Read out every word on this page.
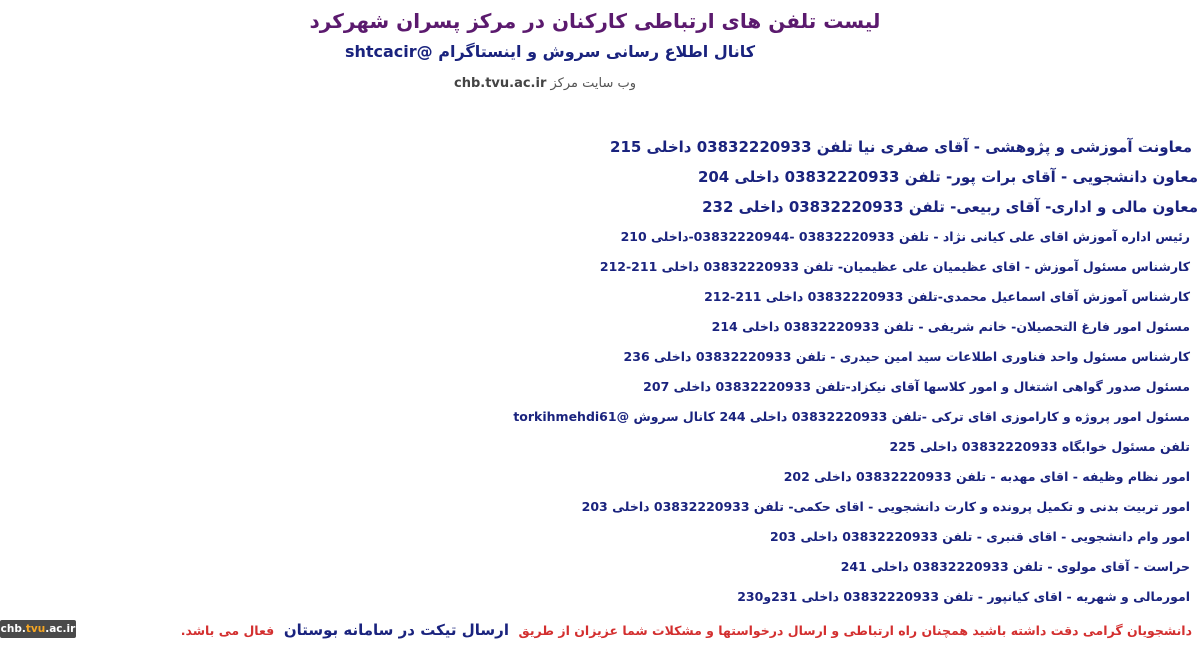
لیست تلفن های ارتباطی کارکنان در مرکز پسران شهرکرد
کانال اطلاع رسانی سروش و اینستاگرام @shtcacir
وب سایت مرکز chb.tvu.ac.ir
معاونت آموزشی و پژوهشی - آقای صفری نیا تلفن 03832220933 داخلی 215
معاون دانشجویی - آقای برات پور- تلفن 03832220933 داخلی 204
معاون مالی و اداری- آقای ربیعی- تلفن 03832220933 داخلی 232
رئیس اداره آموزش اقای علی کیانی نژاد - تلفن 03832220933 -03832220944-داخلی 210
کارشناس مسئول آموزش - اقای عظیمیان علی عظیمیان- تلفن 03832220933 داخلی 211-212
کارشناس آموزش آقای اسماعیل محمدی-تلفن 03832220933 داخلی 211-212
مسئول امور فارغ التحصیلان- خانم شریفی - تلفن 03832220933 داخلی 214
کارشناس مسئول واحد فناوری اطلاعات سید امین حیدری - تلفن 03832220933 داخلی 236
مسئول صدور گواهی اشتغال و امور کلاسها آقای نیکزاد-تلفن 03832220933 داخلی 207
مسئول امور پروژه و کاراموزی اقای ترکی -تلفن 03832220933 داخلی 244 کانال سروش @torkihmehdi61
تلفن مسئول خوابگاه 03832220933 داخلی 225
امور نظام وظیفه - اقای مهدبه - تلفن 03832220933 داخلی 202
امور تربیت بدنی و تکمیل پرونده و کارت دانشجویی - اقای حکمی- تلفن 03832220933 داخلی 203
امور وام دانشجویی - اقای قنبری - تلفن 03832220933 داخلی 203
حراست - آقای مولوی - تلفن 03832220933 داخلی 241
امورمالی و شهریه - اقای کیانپور - تلفن 03832220933 داخلی 231و230
دانشجویان گرامی دقت داشته باشید همچنان راه ارتباطی و ارسال درخواستها و مشکلات شما عزیزان از طریق ارسال تیکت در سامانه بوستان فعال می باشد.
chb.tvu.ac.ir
